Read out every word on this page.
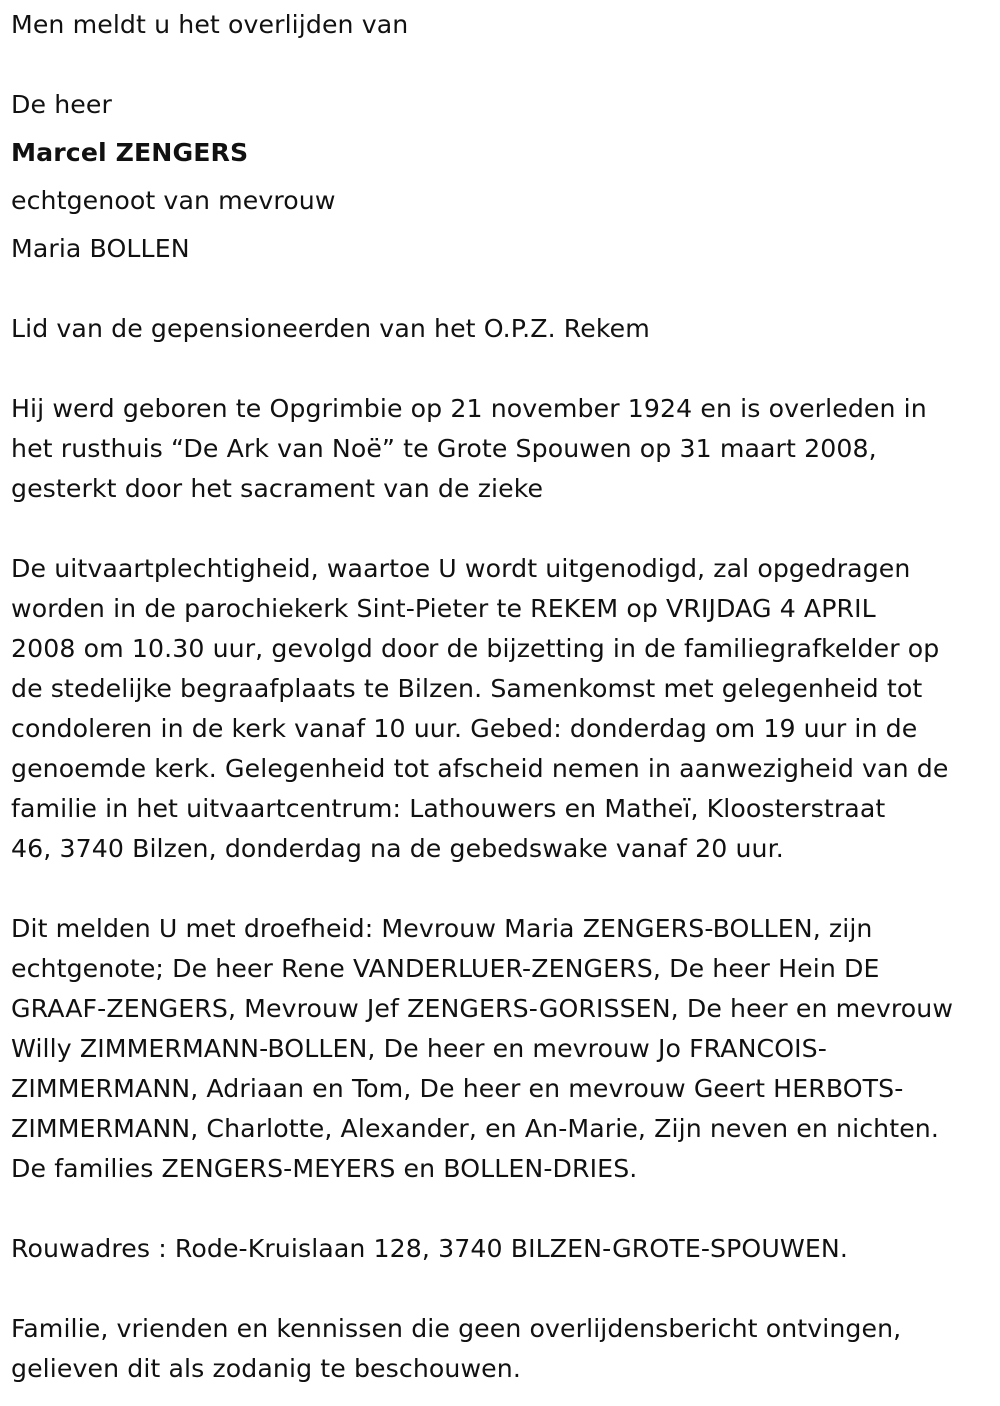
Men meldt u het overlijden van
De heer
Marcel ZENGERS
echtgenoot van mevrouw
Maria BOLLEN
Lid van de gepensioneerden van het O.P.Z. Rekem
Hij werd geboren te Opgrimbie op 21 november 1924 en is overleden in
het rusthuis “De Ark van Noë” te Grote Spouwen op 31 maart 2008,
gesterkt door het sacrament van de zieke
De uitvaartplechtigheid, waartoe U wordt uitgenodigd, zal opgedragen
worden in de parochiekerk Sint-Pieter te REKEM op VRIJDAG 4 APRIL
2008 om 10.30 uur, gevolgd door de bijzetting in de familiegrafkelder op
de stedelijke begraafplaats te Bilzen. Samenkomst met gelegenheid tot
condoleren in de kerk vanaf 10 uur. Gebed: donderdag om 19 uur in de
genoemde kerk. Gelegenheid tot afscheid nemen in aanwezigheid van de
familie in het uitvaartcentrum: Lathouwers en Matheï, Kloosterstraat
46, 3740 Bilzen, donderdag na de gebedswake vanaf 20 uur.
Dit melden U met droefheid: Mevrouw Maria ZENGERS-BOLLEN, zijn
echtgenote; De heer Rene VANDERLUER-ZENGERS, De heer Hein DE
GRAAF-ZENGERS, Mevrouw Jef ZENGERS-GORISSEN, De heer en mevrouw
Willy ZIMMERMANN-BOLLEN, De heer en mevrouw Jo FRANCOIS-
ZIMMERMANN, Adriaan en Tom, De heer en mevrouw Geert HERBOTS-
ZIMMERMANN, Charlotte, Alexander, en An-Marie, Zijn neven en nichten.
De families ZENGERS-MEYERS en BOLLEN-DRIES.
Rouwadres : Rode-Kruislaan 128, 3740 BILZEN-GROTE-SPOUWEN.
Familie, vrienden en kennissen die geen overlijdensbericht ontvingen,
gelieven dit als zodanig te beschouwen.
